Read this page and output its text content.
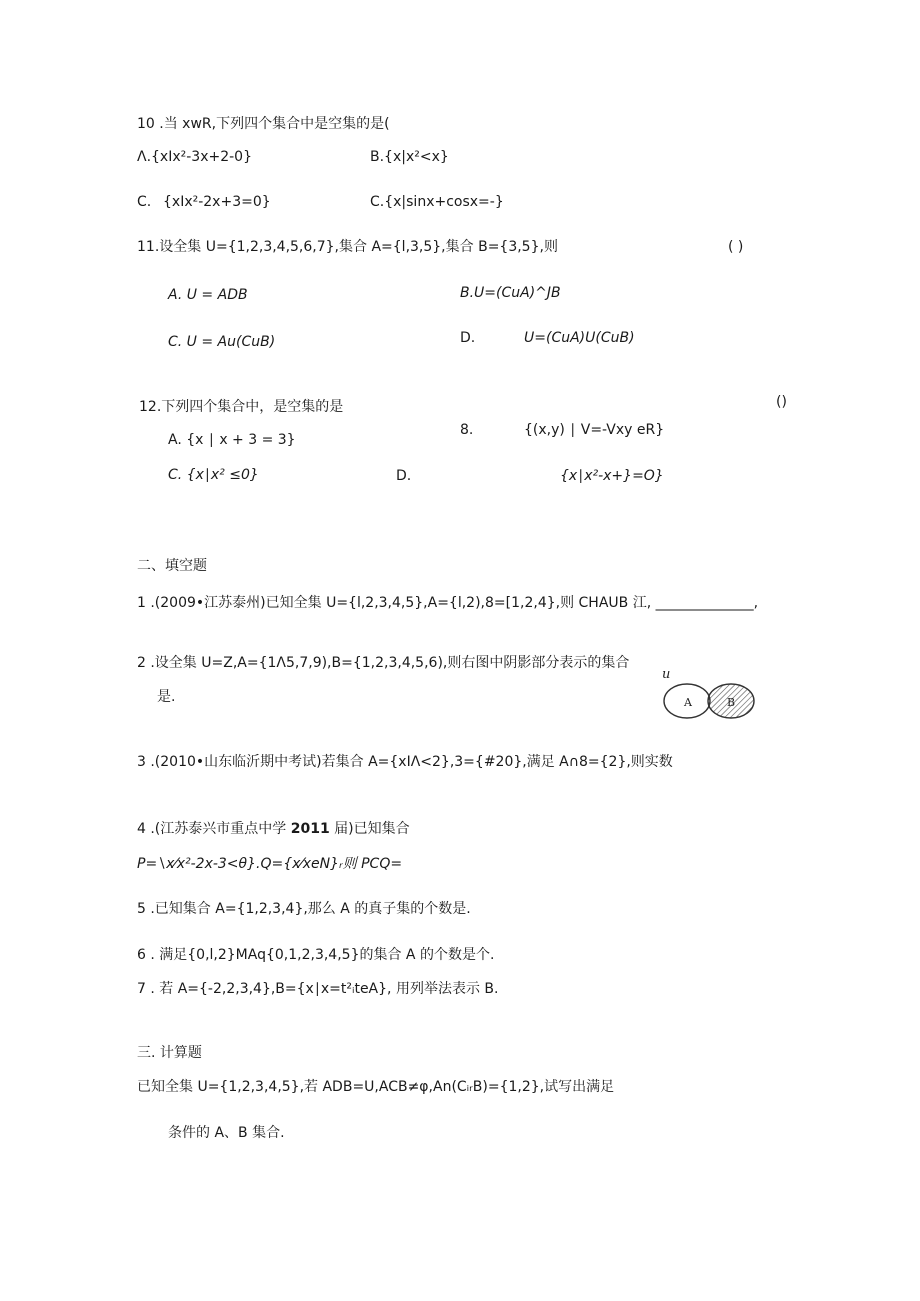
10 .当 xwR,下列四个集合中是空集的是(
Λ.{xIx²-3x+2-0}	B.{x|x²<x}
C. {xIx²-2x+3=0}	C.{x|sinx+cosx=-}
11.设全集 U={1,2,3,4,5,6,7},集合 A={l,3,5},集合 B={3,5},则	( )
A. U = ADB	B.U=(CuA)^JB
C. U = Au(CuB)	D.	U=(CuA)U(CuB)
12.下列四个集合中，是空集的是	()
A. {x ∣ x + 3 = 3}
8.	{(x,y) ∣ V=-Vxy eR}
C. {x∣x² ≤0}	D.	{x∣x²-x+}=O}
二、填空题
1 .(2009•江苏泰州)已知全集 U={l,2,3,4,5},A={l,2),8=[1,2,4},则 CHAUB 江, ______________,
2 .设全集 U=Z,A={1Λ5,7,9),B={1,2,3,4,5,6),则右图中阴影部分表示的集合
是.
u
A	B
3 .(2010•山东临沂期中考试)若集合 A={xIΛ<2},3={#20},满足 A∩8={2},则实数
4 .(江苏泰兴市重点中学 2011 届)已知集合
P=∖x⁄x²-2x-3<θ}.Q={x⁄xeN}ᵣ则 PCQ=
5 .已知集合 A={1,2,3,4},那么 A 的真子集的个数是.
6 . 满足{0,l,2}MAq{0,1,2,3,4,5}的集合 A 的个数是个.
7 . 若 A={-2,2,3,4},B={x∣x=t²ᵢteA}, 用列举法表示 B.
三. 计算题
已知全集 U={1,2,3,4,5},若 ADB=U,ACB≠φ,An(CᵢᵣB)={1,2},试写出满足
条件的 A、B 集合.
